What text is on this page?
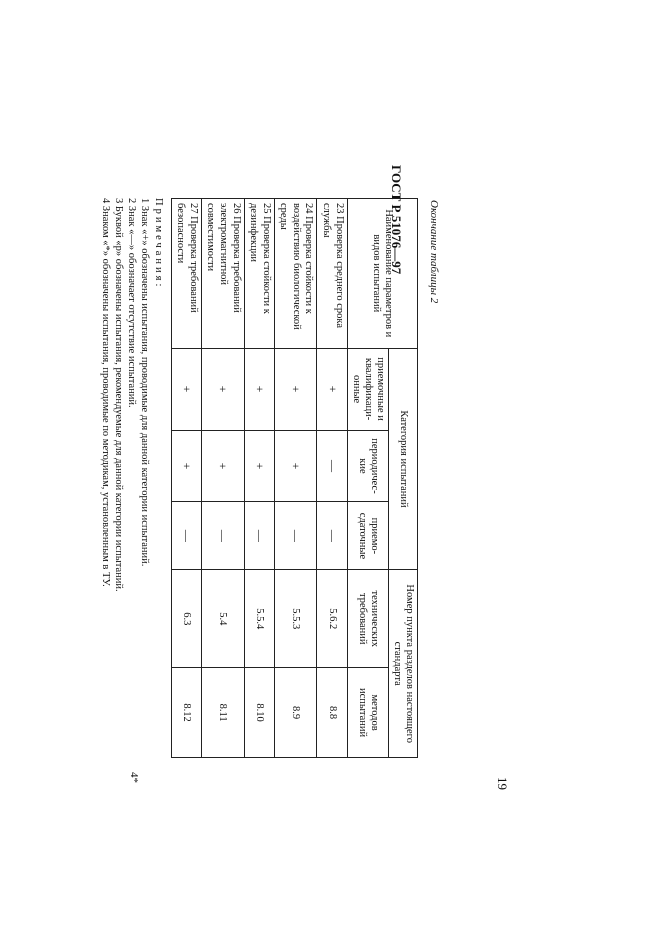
ГОСТ Р 51076—97 Окончание таблицы 2
Наименование параметров и видов испытаний	Категория испытаний			Номер пункта разделов настоящего стандарта	
	приемочные и квалификаци-онные	периодичес-кие	приемо-сдаточные	технических требований	методов испытаний
23 Проверка среднего срока службы	+	—	—	5.6.2	8.8
24 Проверка стойкости к воздействию биологической среды	+	+	—	5.5.3	8.9
25 Проверка стойкости к дезинфекции	+	+	—	5.5.4	8.10
26 Проверка требований электромагнитной совместимости	+	+	—	5.4	8.11
27 Проверка требований безопасности	+	+	—	6.3	8.12
Примечания:
1 Знак «+» обозначены испытания, проводимые для данной категории испытаний.
2 Знак «—» обозначает отсутствие испытаний.
3 Буквой «р» обозначены испытания, рекомендуемые для данной категории испытаний.
4 Знаком «*» обозначены испытания, проводимые по методикам, установленным в ТУ.
4*	19
